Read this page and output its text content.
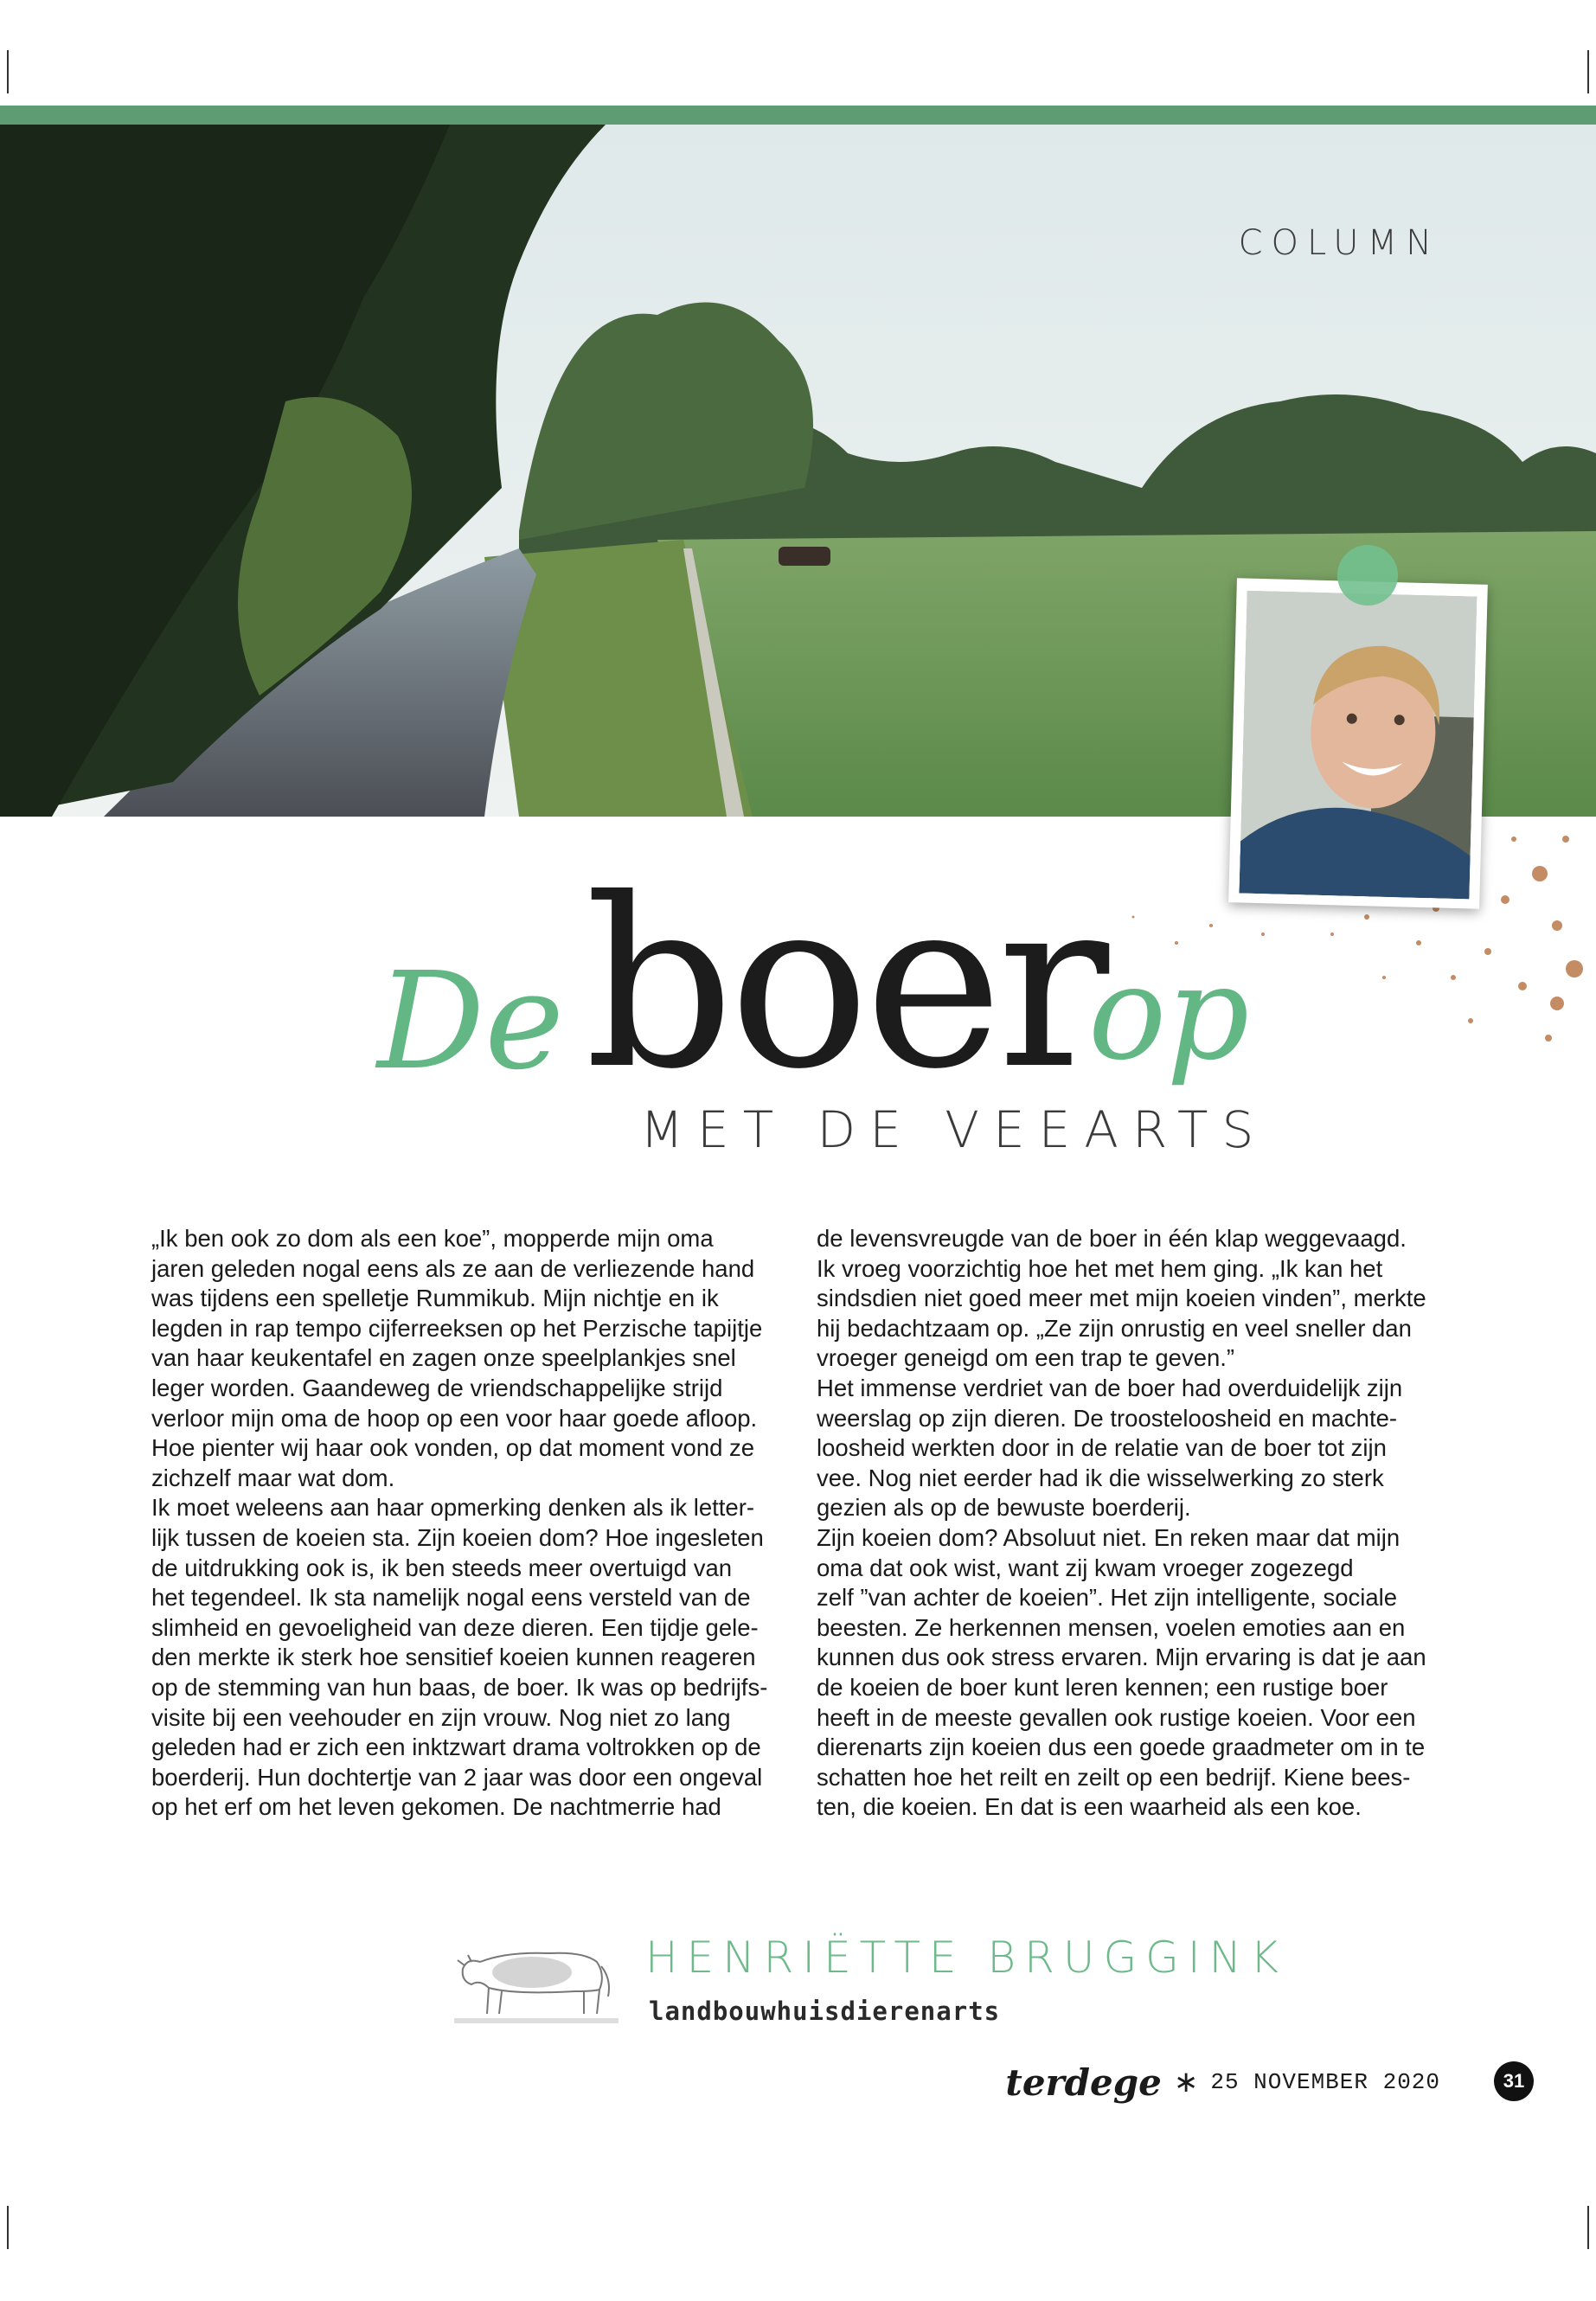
COLUMN
De boer
op
MET DE VEEARTS
„Ik ben ook zo dom als een koe”, mopperde mijn oma
jaren geleden nogal eens als ze aan de verliezende hand
was tijdens een spelletje Rummikub. Mijn nichtje en ik
legden in rap tempo cijferreeksen op het Perzische tapijtje
van haar keukentafel en zagen onze speelplankjes snel
leger worden. Gaandeweg de vriendschappelijke strijd
verloor mijn oma de hoop op een voor haar goede afloop.
Hoe pienter wij haar ook vonden, op dat moment vond ze
zichzelf maar wat dom.
Ik moet weleens aan haar opmerking denken als ik letter-
lijk tussen de koeien sta. Zijn koeien dom? Hoe ingesleten
de uitdrukking ook is, ik ben steeds meer overtuigd van
het tegendeel. Ik sta namelijk nogal eens versteld van de
slimheid en gevoeligheid van deze dieren. Een tijdje gele-
den merkte ik sterk hoe sensitief koeien kunnen reageren
op de stemming van hun baas, de boer. Ik was op bedrijfs-
visite bij een veehouder en zijn vrouw. Nog niet zo lang
geleden had er zich een inktzwart drama voltrokken op de
boerderij. Hun dochtertje van 2 jaar was door een ongeval
op het erf om het leven gekomen. De nachtmerrie had
de levensvreugde van de boer in één klap weggevaagd.
Ik vroeg voorzichtig hoe het met hem ging. „Ik kan het
sindsdien niet goed meer met mijn koeien vinden”, merkte
hij bedachtzaam op. „Ze zijn onrustig en veel sneller dan
vroeger geneigd om een trap te geven.”
Het immense verdriet van de boer had overduidelijk zijn
weerslag op zijn dieren. De troosteloosheid en machte-
loosheid werkten door in de relatie van de boer tot zijn
vee. Nog niet eerder had ik die wisselwerking zo sterk
gezien als op de bewuste boerderij.
Zijn koeien dom? Absoluut niet. En reken maar dat mijn
oma dat ook wist, want zij kwam vroeger zogezegd
zelf ”van achter de koeien”. Het zijn intelligente, sociale
beesten. Ze herkennen mensen, voelen emoties aan en
kunnen dus ook stress ervaren. Mijn ervaring is dat je aan
de koeien de boer kunt leren kennen; een rustige boer
heeft in de meeste gevallen ook rustige koeien. Voor een
dierenarts zijn koeien dus een goede graadmeter om in te
schatten hoe het reilt en zeilt op een bedrijf. Kiene bees-
ten, die koeien. En dat is een waarheid als een koe.
HENRIËTTE BRUGGINK
landbouwhuisdierenarts
terdege ∗ 25 NOVEMBER 2020	31
